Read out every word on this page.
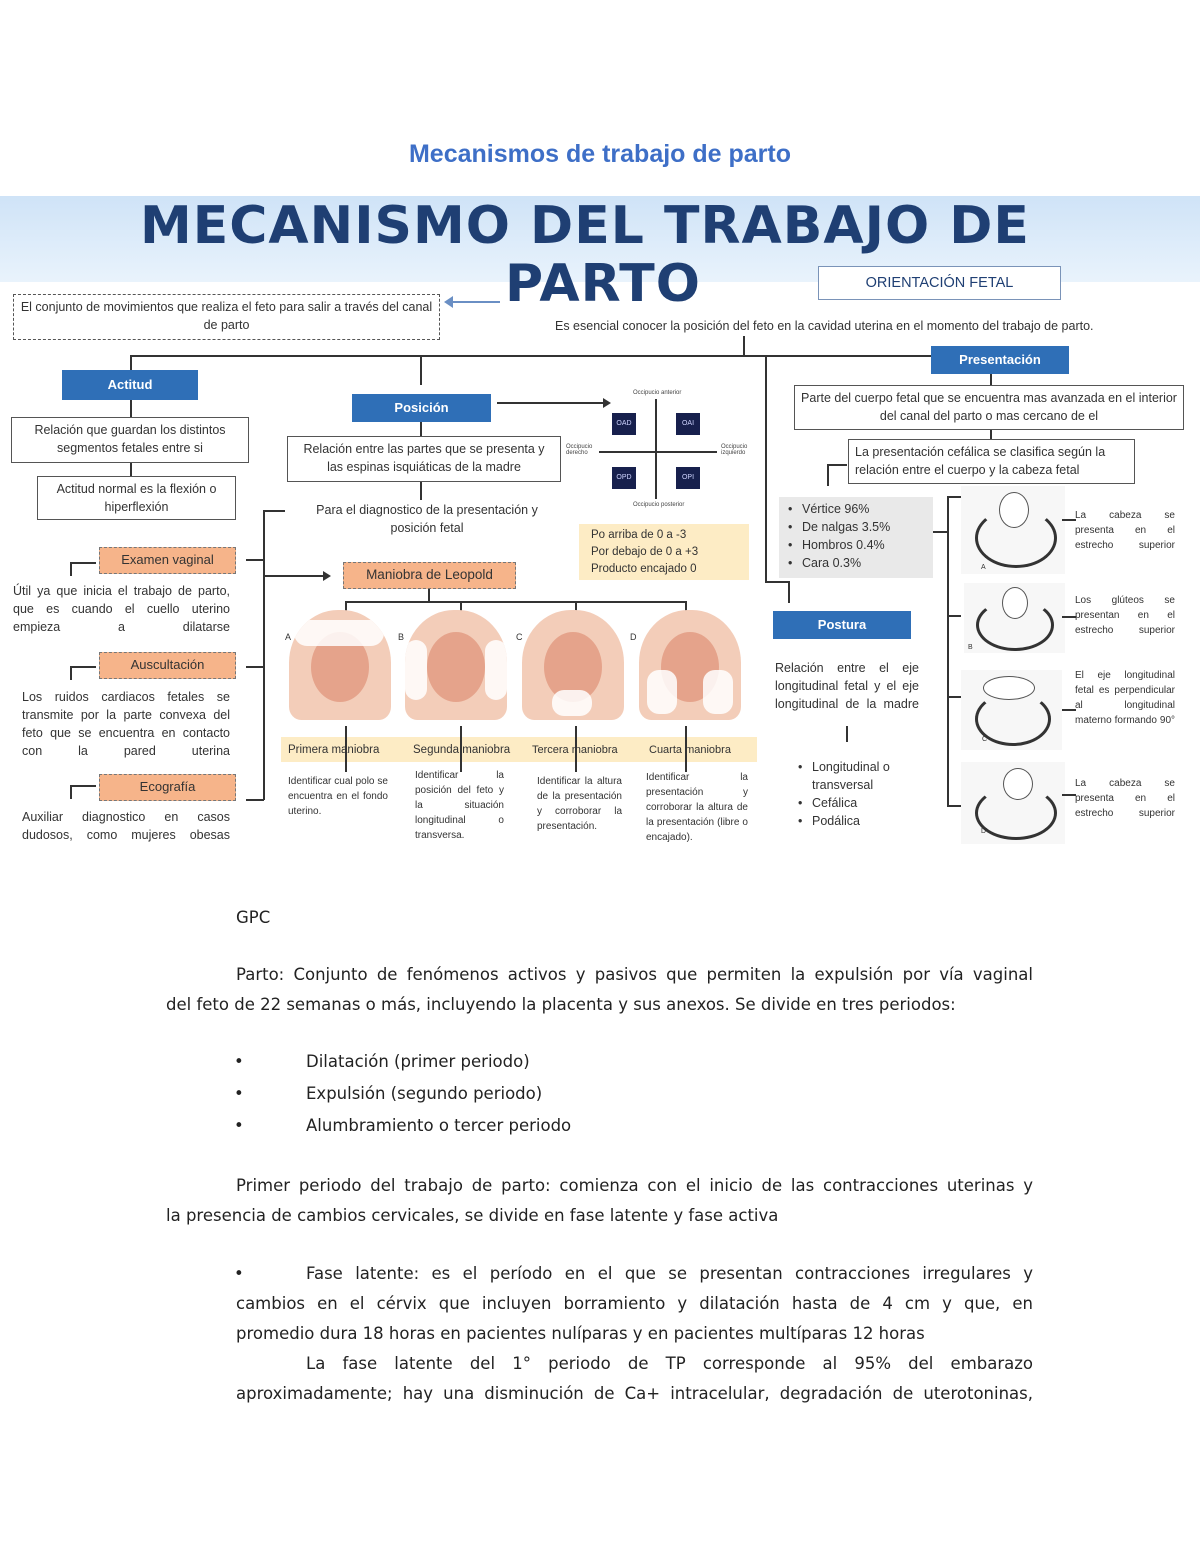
Mecanismos de trabajo de parto
MECANISMO DEL TRABAJO DE
PARTO
El conjunto de movimientos que realiza el feto para salir a través del canal de parto
ORIENTACIÓN FETAL
Es esencial conocer la posición del feto en la cavidad uterina en el momento del trabajo de parto.
Actitud
Relación que guardan los distintos segmentos fetales entre si
Actitud normal es la flexión o hiperflexión
Posición
Relación entre las partes que se presenta y las espinas isquiáticas de la madre
Para el diagnostico de la presentación y posición fetal
Occipucio anterior
Occipucio posterior
Occipucio derecho
Occipucio izquierdo
OAD	OAI
OPD	OPI
Po arriba de 0 a -3
Por debajo de 0 a +3
Producto encajado 0
Examen vaginal
Útil ya que inicia el trabajo de parto, que es cuando el cuello uterino empieza a dilatarse
Auscultación
Los ruidos cardiacos fetales se transmite por la parte convexa del feto que se encuentra en contacto con la pared uterina
Ecografía
Auxiliar diagnostico en casos dudosos, como mujeres obesas
Maniobra de Leopold
A	B	C	D
Primera maniobra	Segunda maniobra Tercera maniobra	Cuarta maniobra
Identificar cual polo se encuentra en el fondo uterino.
Identificar la posición del feto y la situación longitudinal o transversa.
Identificar la altura de la presentación y corroborar la presentación.
Identificar la presentación y corroborar la altura de la presentación (libre o encajado).
Presentación
Parte del cuerpo fetal que se encuentra mas avanzada en el interior del canal del parto o mas cercano de el
La presentación cefálica se clasifica según la relación entre el cuerpo y la cabeza fetal
• Vértice 96%
• De nalgas 3.5%
• Hombros 0.4%
• Cara 0.3%	A
B
C
D
La cabeza se presenta en el estrecho superior
Los glúteos se presentan en el estrecho superior
El eje longitudinal fetal es perpendicular al longitudinal materno formando 90°
La cabeza se presenta en el estrecho superior
Postura
Relación entre el eje longitudinal fetal y el eje longitudinal de la madre
• Longitudinal o transversal
• Cefálica
• Podálica
GPC
Parto: Conjunto de fenómenos activos y pasivos que permiten la expulsión por vía vaginal
del feto de 22 semanas o más, incluyendo la placenta y sus anexos. Se divide en tres periodos:
•	Dilatación (primer periodo)
•	Expulsión (segundo periodo)
•	Alumbramiento o tercer periodo
Primer periodo del trabajo de parto: comienza con el inicio de las contracciones uterinas y
la presencia de cambios cervicales, se divide en fase latente y fase activa
•	Fase latente: es el período en el que se presentan contracciones irregulares y
cambios en el cérvix que incluyen borramiento y dilatación hasta de 4 cm y que, en
promedio dura 18 horas en pacientes nulíparas y en pacientes multíparas 12 horas
La fase latente del 1° periodo de TP corresponde al 95% del embarazo
aproximadamente; hay una disminución de Ca+ intracelular, degradación de uterotoninas,
